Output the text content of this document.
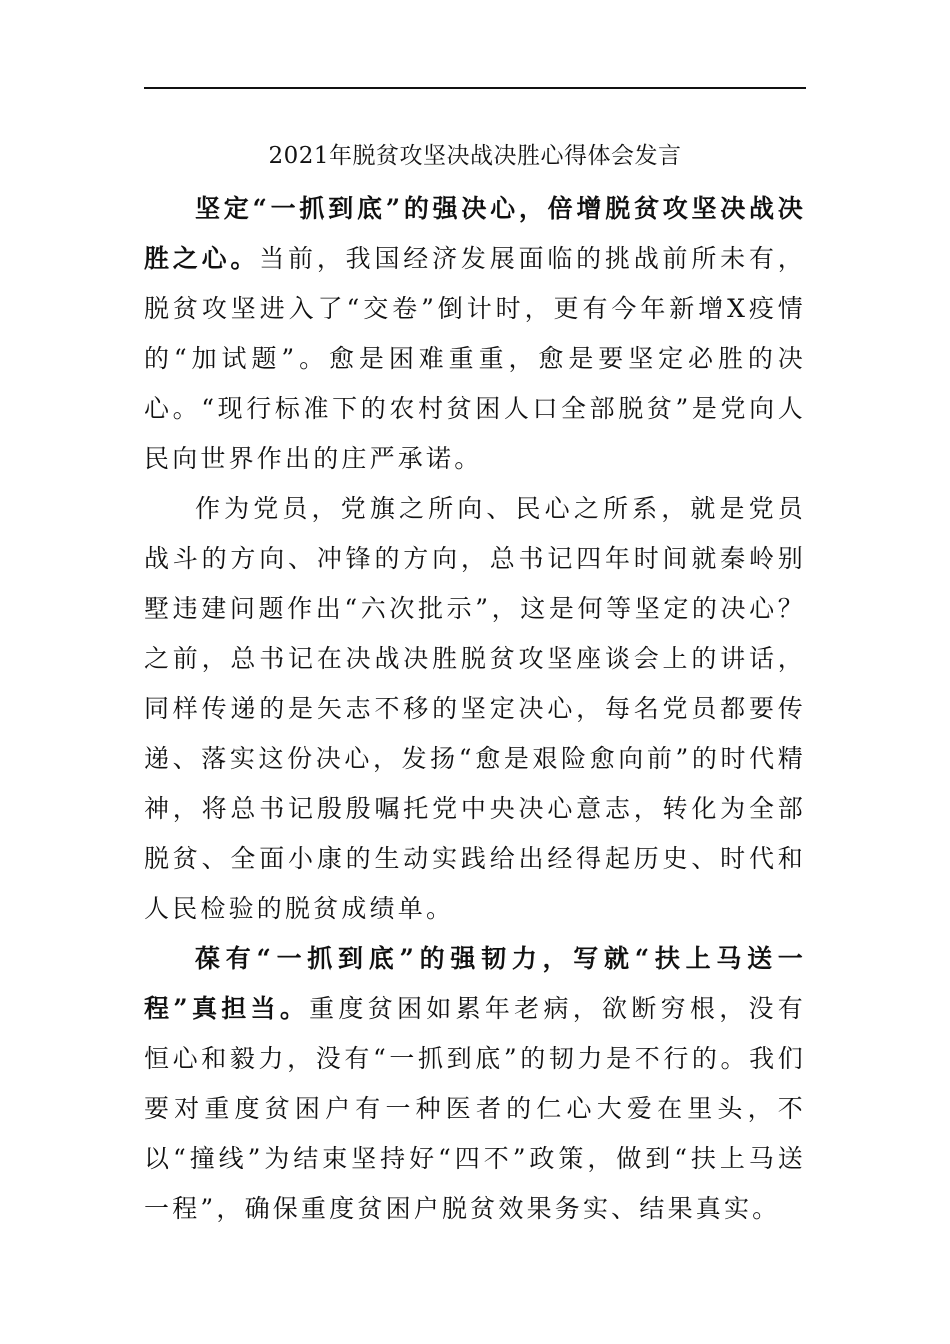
2021年脱贫攻坚决战决胜心得体会发言

坚定“一抓到底”的强决心，倍增脱贫攻坚决战决胜之心。当前，我国经济发展面临的挑战前所未有，脱贫攻坚进入了“交卷”倒计时，更有今年新增X疫情的“加试题”。愈是困难重重，愈是要坚定必胜的决心。“现行标准下的农村贫困人口全部脱贫”是党向人民向世界作出的庄严承诺。

作为党员，党旗之所向、民心之所系，就是党员战斗的方向、冲锋的方向，总书记四年时间就秦岭别墅违建问题作出“六次批示”，这是何等坚定的决心？之前，总书记在决战决胜脱贫攻坚座谈会上的讲话，同样传递的是矢志不移的坚定决心，每名党员都要传递、落实这份决心，发扬“愈是艰险愈向前”的时代精神，将总书记殷殷嘱托党中央决心意志，转化为全部脱贫、全面小康的生动实践给出经得起历史、时代和人民检验的脱贫成绩单。

葆有“一抓到底”的强韧力，写就“扶上马送一程”真担当。重度贫困如累年老病，欲断穷根，没有恒心和毅力，没有“一抓到底”的韧力是不行的。我们要对重度贫困户有一种医者的仁心大爱在里头，不以“撞线”为结束坚持好“四不”政策，做到“扶上马送一程”，确保重度贫困户脱贫效果务实、结果真实。
